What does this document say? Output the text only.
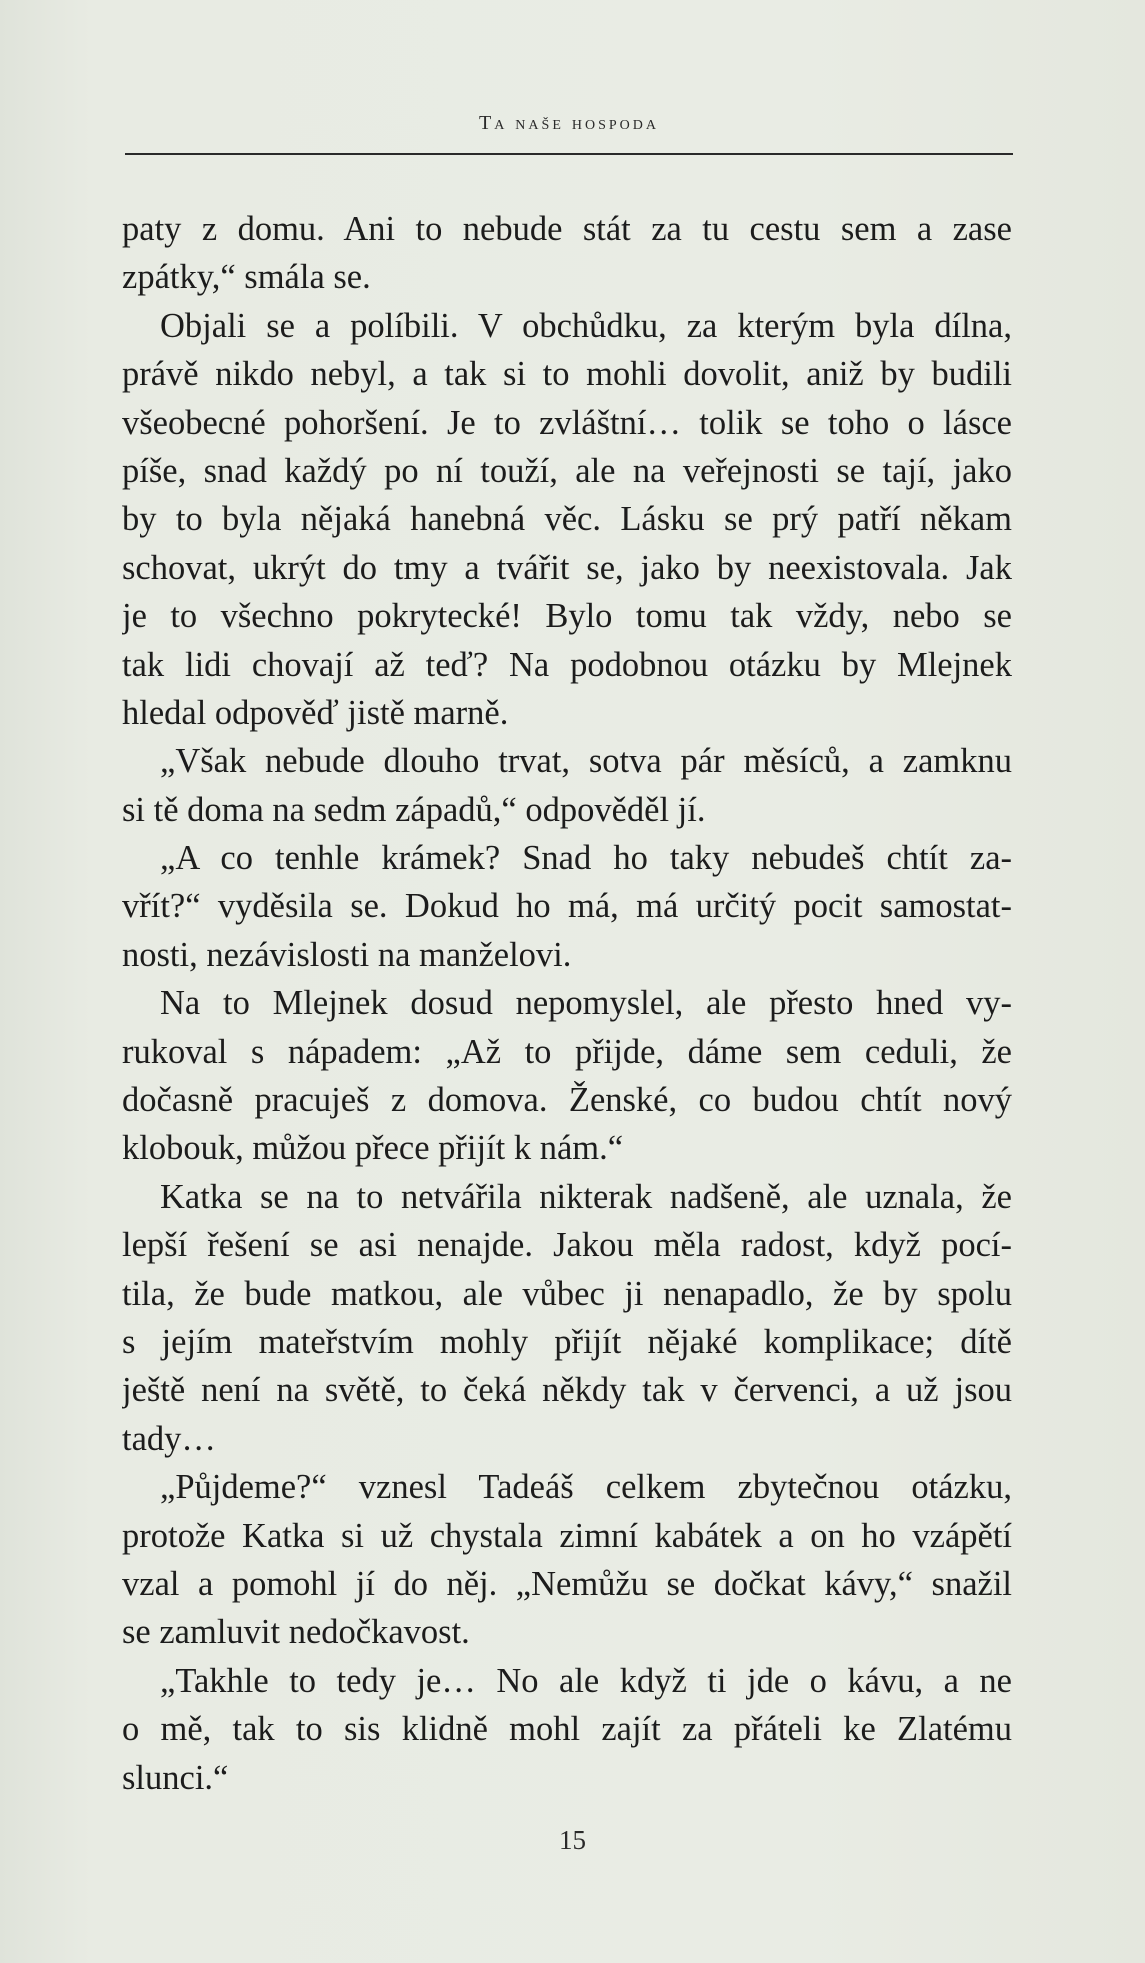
Ta naše hospoda
paty z domu. Ani to nebude stát za tu cestu sem a zase
zpátky,“ smála se.
Objali se a políbili. V obchůdku, za kterým byla dílna,
právě nikdo nebyl, a tak si to mohli dovolit, aniž by budili
všeobecné pohoršení. Je to zvláštní… tolik se toho o lásce
píše, snad každý po ní touží, ale na veřejnosti se tají, jako
by to byla nějaká hanebná věc. Lásku se prý patří někam
schovat, ukrýt do tmy a tvářit se, jako by neexistovala. Jak
je to všechno pokrytecké! Bylo tomu tak vždy, nebo se
tak lidi chovají až teď? Na podobnou otázku by Mlejnek
hledal odpověď jistě marně.
„Však nebude dlouho trvat, sotva pár měsíců, a zamknu
si tě doma na sedm západů,“ odpověděl jí.
„A co tenhle krámek? Snad ho taky nebudeš chtít za-
vřít?“ vyděsila se. Dokud ho má, má určitý pocit samostat-
nosti, nezávislosti na manželovi.
Na to Mlejnek dosud nepomyslel, ale přesto hned vy-
rukoval s nápadem: „Až to přijde, dáme sem ceduli, že
dočasně pracuješ z domova. Ženské, co budou chtít nový
klobouk, můžou přece přijít k nám.“
Katka se na to netvářila nikterak nadšeně, ale uznala, že
lepší řešení se asi nenajde. Jakou měla radost, když pocí-
tila, že bude matkou, ale vůbec ji nenapadlo, že by spolu
s jejím mateřstvím mohly přijít nějaké komplikace; dítě
ještě není na světě, to čeká někdy tak v červenci, a už jsou
tady…
„Půjdeme?“ vznesl Tadeáš celkem zbytečnou otázku,
protože Katka si už chystala zimní kabátek a on ho vzápětí
vzal a pomohl jí do něj. „Nemůžu se dočkat kávy,“ snažil
se zamluvit nedočkavost.
„Takhle to tedy je… No ale když ti jde o kávu, a ne
o mě, tak to sis klidně mohl zajít za přáteli ke Zlatému
slunci.“
15
